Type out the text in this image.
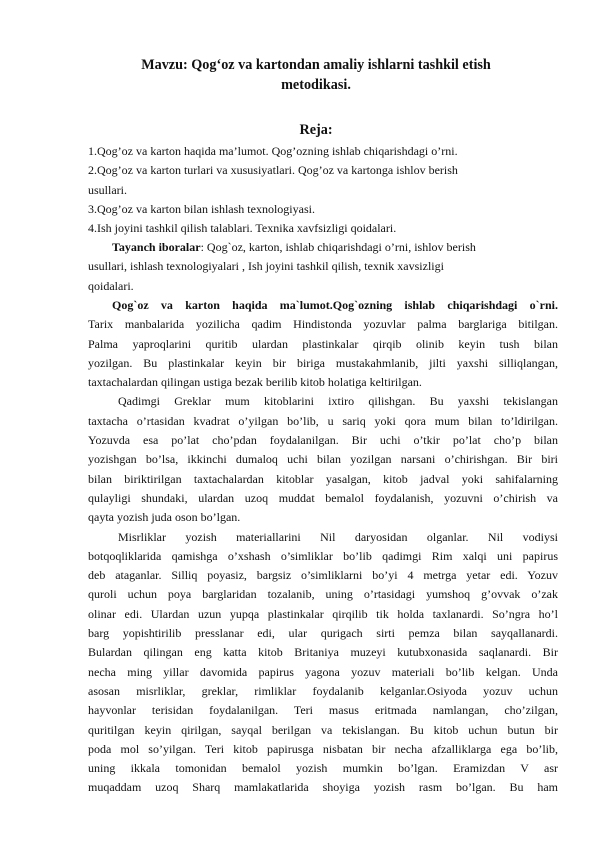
Mavzu: Qog‘oz va kartondan amaliy ishlarni tashkil etish
metodikasi.
Reja:
1.Qog’oz va karton haqida ma’lumot. Qog’ozning ishlab chiqarishdagi o’rni.
2.Qog’oz va karton turlari va xususiyatlari. Qog’oz va kartonga ishlov berish
usullari.
3.Qog’oz va karton bilan ishlash texnologiyasi.
4.Ish joyini tashkil qilish talablari. Texnika xavfsizligi qoidalari.
Tayanch iboralar: Qog`oz, karton, ishlab chiqarishdagi o’rni, ishlov berish
usullari, ishlash texnologiyalari , Ish joyini tashkil qilish, texnik xavsizligi
qoidalari.
Qog`oz va karton haqida ma`lumot.Qog`ozning ishlab chiqarishdagi o`rni.
Tarix manbalarida yozilicha qadim Hindistonda yozuvlar palma barglariga bitilgan.
Palma yaproqlarini quritib ulardan plastinkalar qirqib olinib keyin tush bilan
yozilgan. Bu plastinkalar keyin bir biriga mustakahmlanib, jilti yaxshi silliqlangan,
taxtachalardan qilingan ustiga bezak berilib kitob holatiga keltirilgan.
Qadimgi Greklar mum kitoblarini ixtiro qilishgan. Bu yaxshi tekislangan
taxtacha o’rtasidan kvadrat o’yilgan bo’lib, u sariq yoki qora mum bilan to’ldirilgan.
Yozuvda esa po’lat cho’pdan foydalanilgan. Bir uchi o’tkir po’lat cho’p bilan
yozishgan bo’lsa, ikkinchi dumaloq uchi bilan yozilgan narsani o’chirishgan. Bir biri
bilan biriktirilgan taxtachalardan kitoblar yasalgan, kitob jadval yoki sahifalarning
qulayligi shundaki, ulardan uzoq muddat bemalol foydalanish, yozuvni o’chirish va
qayta yozish juda oson bo’lgan.
Misrliklar yozish materiallarini Nil daryosidan olganlar. Nil vodiysi
botqoqliklarida qamishga o’xshash o’simliklar bo’lib qadimgi Rim xalqi uni papirus
deb ataganlar. Silliq poyasiz, bargsiz o’simliklarni bo’yi 4 metrga yetar edi. Yozuv
quroli uchun poya barglaridan tozalanib, uning o’rtasidagi yumshoq g’ovvak o’zak
olinar edi. Ulardan uzun yupqa plastinkalar qirqilib tik holda taxlanardi. So’ngra ho’l
barg yopishtirilib presslanar edi, ular qurigach sirti pemza bilan sayqallanardi.
Bulardan qilingan eng katta kitob Britaniya muzeyi kutubxonasida saqlanardi. Bir
necha ming yillar davomida papirus yagona yozuv materiali bo’lib kelgan. Unda
asosan misrliklar, greklar, rimliklar foydalanib kelganlar.Osiyoda yozuv uchun
hayvonlar terisidan foydalanilgan. Teri masus eritmada namlangan, cho’zilgan,
quritilgan keyin qirilgan, sayqal berilgan va tekislangan. Bu kitob uchun butun bir
poda mol so’yilgan. Teri kitob papirusga nisbatan bir necha afzalliklarga ega bo’lib,
uning ikkala tomonidan bemalol yozish mumkin bo’lgan. Eramizdan V asr
muqaddam uzoq Sharq mamlakatlarida shoyiga yozish rasm bo’lgan. Bu ham
